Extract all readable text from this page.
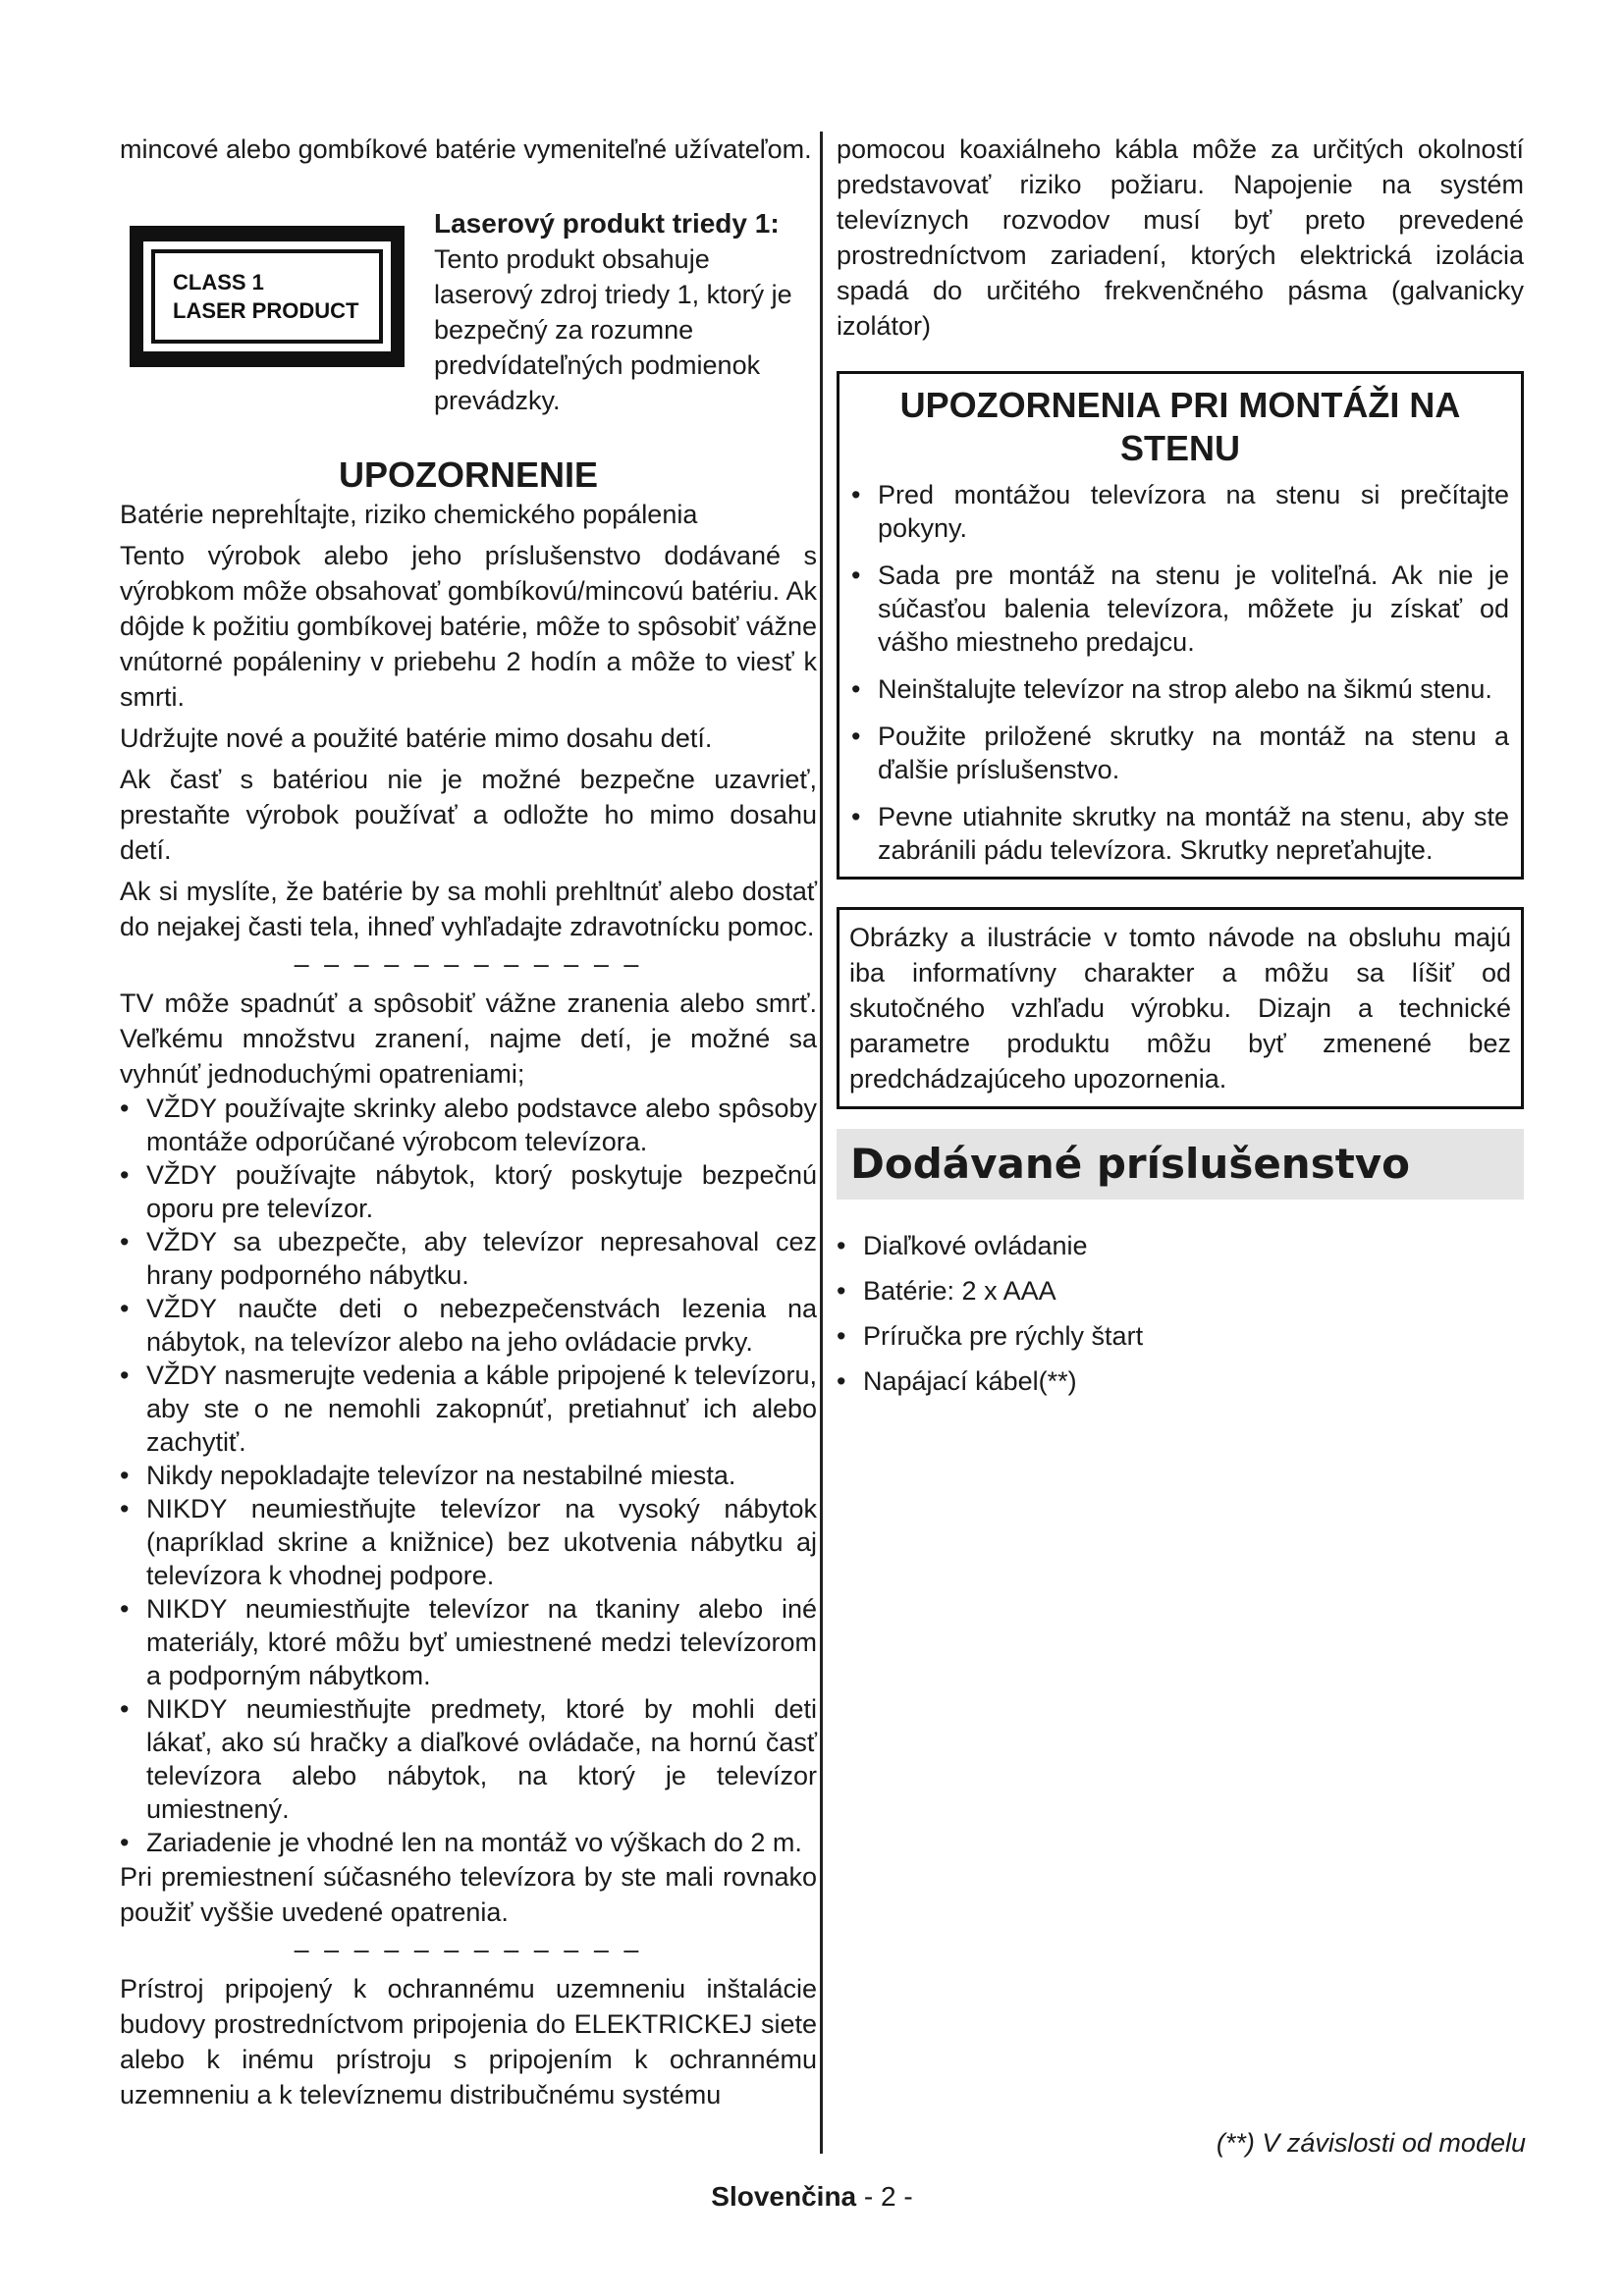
mincové alebo gombíkové batérie vymeniteľné užívateľom.

CLASS 1
LASER PRODUCT
Laserový produkt triedy 1:
Tento produkt obsahuje laserový zdroj triedy 1, ktorý je bezpečný za rozumne predvídateľných podmienok prevádzky.
UPOZORNENIE

Batérie neprehĺtajte, riziko chemického popálenia

Tento výrobok alebo jeho príslušenstvo dodávané s výrobkom môže obsahovať gombíkovú/mincovú batériu. Ak dôjde k požitiu gombíkovej batérie, môže to spôsobiť vážne vnútorné popáleniny v priebehu 2 hodín a môže to viesť k smrti.

Udržujte nové a použité batérie mimo dosahu detí.

Ak časť s batériou nie je možné bezpečne uzavrieť, prestaňte výrobok používať a odložte ho mimo dosahu detí.

Ak si myslíte, že batérie by sa mohli prehltnúť alebo dostať do nejakej časti tela, ihneď vyhľadajte zdravotnícku pomoc.

– – – – – – – – – – – –

TV môže spadnúť a spôsobiť vážne zranenia alebo smrť. Veľkému množstvu zranení, najme detí, je možné sa vyhnúť jednoduchými opatreniami;

• VŽDY používajte skrinky alebo podstavce alebo spôsoby montáže odporúčané výrobcom televízora.
• VŽDY používajte nábytok, ktorý poskytuje bezpečnú oporu pre televízor.
• VŽDY sa ubezpečte, aby televízor nepresahoval cez hrany podporného nábytku.
• VŽDY naučte deti o nebezpečenstvách lezenia na nábytok, na televízor alebo na jeho ovládacie prvky.
• VŽDY nasmerujte vedenia a káble pripojené k televízoru, aby ste o ne nemohli zakopnúť, pretiahnuť ich alebo zachytiť.
• Nikdy nepokladajte televízor na nestabilné miesta.
• NIKDY neumiestňujte televízor na vysoký nábytok (napríklad skrine a knižnice) bez ukotvenia nábytku aj televízora k vhodnej podpore.
• NIKDY neumiestňujte televízor na tkaniny alebo iné materiály, ktoré môžu byť umiestnené medzi televízorom a podporným nábytkom.
• NIKDY neumiestňujte predmety, ktoré by mohli deti lákať, ako sú hračky a diaľkové ovládače, na hornú časť televízora alebo nábytok, na ktorý je televízor umiestnený.
• Zariadenie je vhodné len na montáž vo výškach do 2 m.

Pri premiestnení súčasného televízora by ste mali rovnako použiť vyššie uvedené opatrenia.

– – – – – – – – – – – –

Prístroj pripojený k ochrannému uzemneniu inštalácie budovy prostredníctvom pripojenia do ELEKTRICKEJ siete alebo k inému prístroju s pripojením k ochrannému uzemneniu a k televíznemu distribučnému systému

pomocou koaxiálneho kábla môže za určitých okolností predstavovať riziko požiaru. Napojenie na systém televíznych rozvodov musí byť preto prevedené prostredníctvom zariadení, ktorých elektrická izolácia spadá do určitého frekvenčného pásma (galvanicky izolátor)

UPOZORNENIA PRI MONTÁŽI NA STENU
• Pred montážou televízora na stenu si prečítajte pokyny.
• Sada pre montáž na stenu je voliteľná. Ak nie je súčasťou balenia televízora, môžete ju získať od vášho miestneho predajcu.
• Neinštalujte televízor na strop alebo na šikmú stenu.
• Použite priložené skrutky na montáž na stenu a ďalšie príslušenstvo.
• Pevne utiahnite skrutky na montáž na stenu, aby ste zabránili pádu televízora. Skrutky nepreťahujte.

Obrázky a ilustrácie v tomto návode na obsluhu majú iba informatívny charakter a môžu sa líšiť od skutočného vzhľadu výrobku. Dizajn a technické parametre produktu môžu byť zmenené bez predchádzajúceho upozornenia.

Dodávané príslušenstvo
• Diaľkové ovládanie
• Batérie: 2 x AAA
• Príručka pre rýchly štart
• Napájací kábel(**)
(**) V závislosti od modelu
Slovenčina - 2 -
